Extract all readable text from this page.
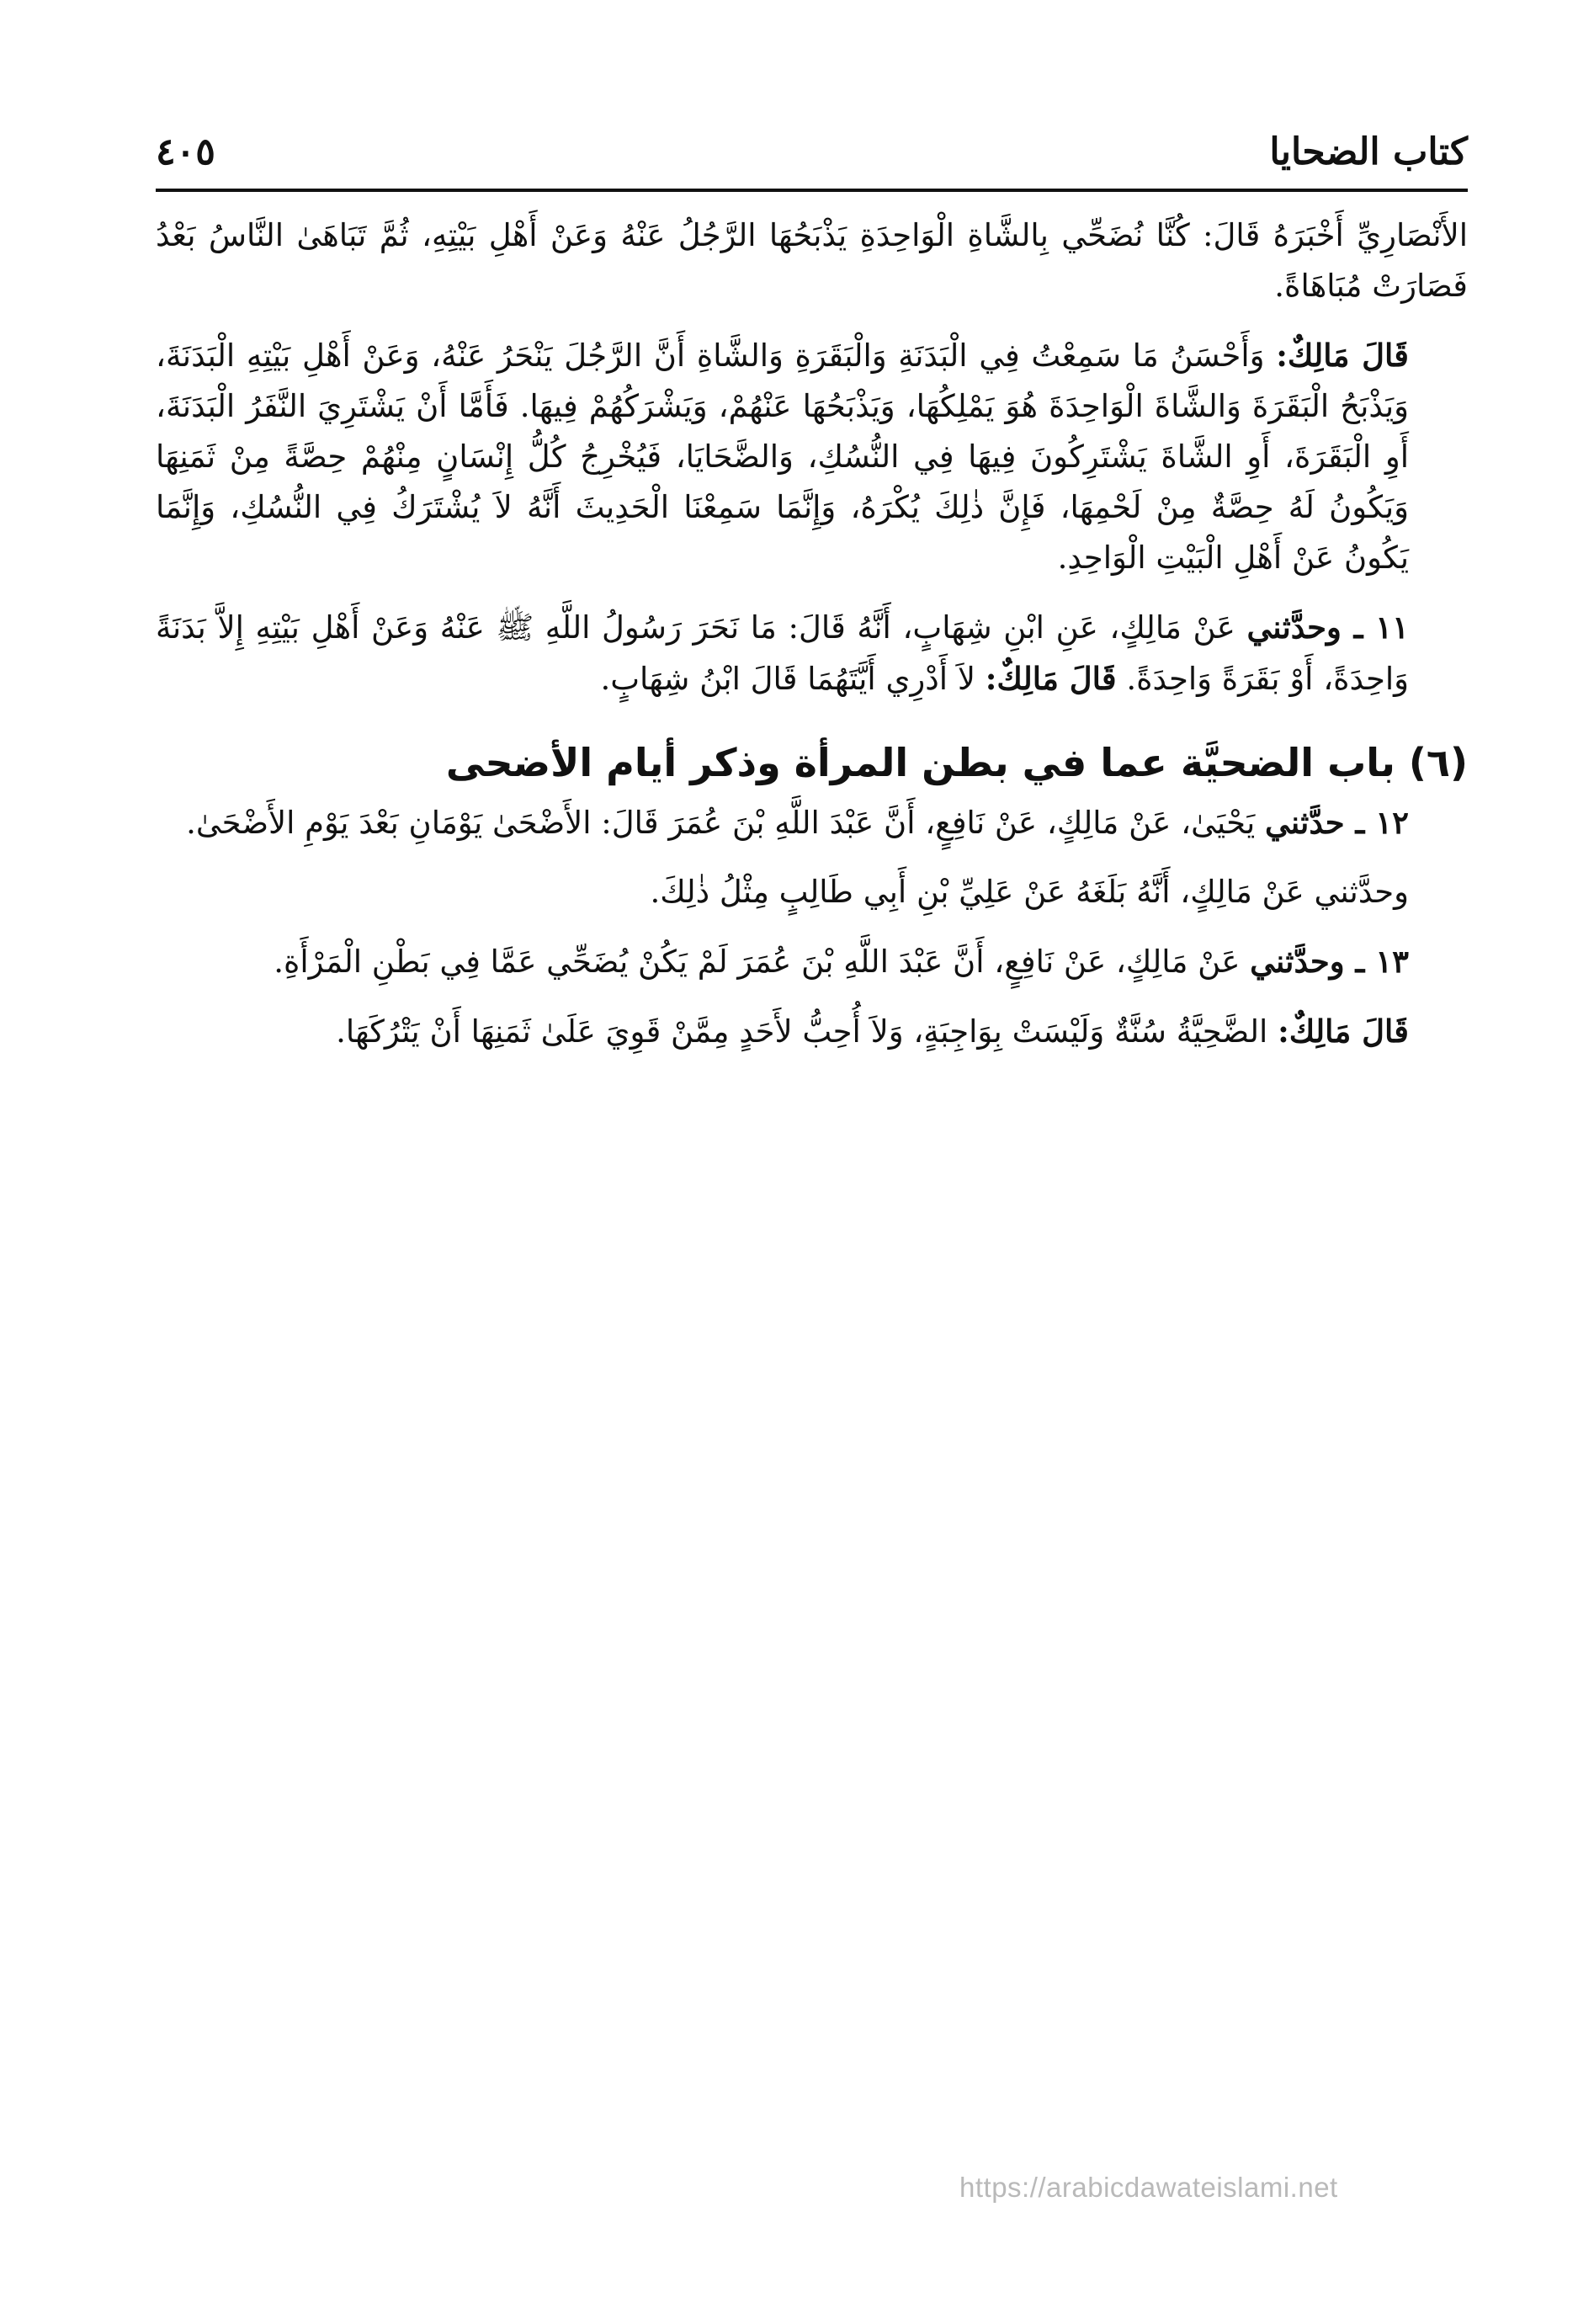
كتاب الضحايا
٤٠٥

الأَنْصَارِيِّ أَخْبَرَهُ قَالَ: كُنَّا نُضَحِّي بِالشَّاةِ الْوَاحِدَةِ يَذْبَحُهَا الرَّجُلُ عَنْهُ وَعَنْ أَهْلِ بَيْتِهِ، ثُمَّ تَبَاهَىٰ النَّاسُ بَعْدُ فَصَارَتْ مُبَاهَاةً.

قَالَ مَالِكٌ: وَأَحْسَنُ مَا سَمِعْتُ فِي الْبَدَنَةِ وَالْبَقَرَةِ وَالشَّاةِ أَنَّ الرَّجُلَ يَنْحَرُ عَنْهُ، وَعَنْ أَهْلِ بَيْتِهِ الْبَدَنَةَ، وَيَذْبَحُ الْبَقَرَةَ وَالشَّاةَ الْوَاحِدَةَ هُوَ يَمْلِكُهَا، وَيَذْبَحُهَا عَنْهُمْ، وَيَشْرَكُهُمْ فِيهَا. فَأَمَّا أَنْ يَشْتَرِيَ النَّفَرُ الْبَدَنَةَ، أَوِ الْبَقَرَةَ، أَوِ الشَّاةَ يَشْتَرِكُونَ فِيهَا فِي النُّسُكِ، وَالضَّحَايَا، فَيُخْرِجُ كُلُّ إِنْسَانٍ مِنْهُمْ حِصَّةً مِنْ ثَمَنِهَا وَيَكُونُ لَهُ حِصَّةٌ مِنْ لَحْمِهَا، فَإِنَّ ذٰلِكَ يُكْرَهُ، وَإِنَّمَا سَمِعْنَا الْحَدِيثَ أَنَّهُ لاَ يُشْتَرَكُ فِي النُّسُكِ، وَإِنَّمَا يَكُونُ عَنْ أَهْلِ الْبَيْتِ الْوَاحِدِ.

١١ ـ وحدَّثني عَنْ مَالِكٍ، عَنِ ابْنِ شِهَابٍ، أَنَّهُ قَالَ: مَا نَحَرَ رَسُولُ اللَّهِ ﷺ عَنْهُ وَعَنْ أَهْلِ بَيْتِهِ إِلاَّ بَدَنَةً وَاحِدَةً، أَوْ بَقَرَةً وَاحِدَةً. قَالَ مَالِكٌ: لاَ أَدْرِي أَيَّتَهُمَا قَالَ ابْنُ شِهَابٍ.

(٦) باب الضحيَّة عما في بطن المرأة وذكر أيام الأضحى

١٢ ـ حدَّثني يَحْيَىٰ، عَنْ مَالِكٍ، عَنْ نَافِعٍ، أَنَّ عَبْدَ اللَّهِ بْنَ عُمَرَ قَالَ: الأَضْحَىٰ يَوْمَانِ بَعْدَ يَوْمِ الأَضْحَىٰ.

وحدَّثني عَنْ مَالِكٍ، أَنَّهُ بَلَغَهُ عَنْ عَلِيِّ بْنِ أَبِي طَالِبٍ مِثْلُ ذٰلِكَ.

١٣ ـ وحدَّثني عَنْ مَالِكٍ، عَنْ نَافِعٍ، أَنَّ عَبْدَ اللَّهِ بْنَ عُمَرَ لَمْ يَكُنْ يُضَحِّي عَمَّا فِي بَطْنِ الْمَرْأَةِ.

قَالَ مَالِكٌ: الضَّحِيَّةُ سُنَّةٌ وَلَيْسَتْ بِوَاجِبَةٍ، وَلاَ أُحِبُّ لأَحَدٍ مِمَّنْ قَوِيَ عَلَىٰ ثَمَنِهَا أَنْ يَتْرُكَهَا.

https://arabicdawateislami.net
